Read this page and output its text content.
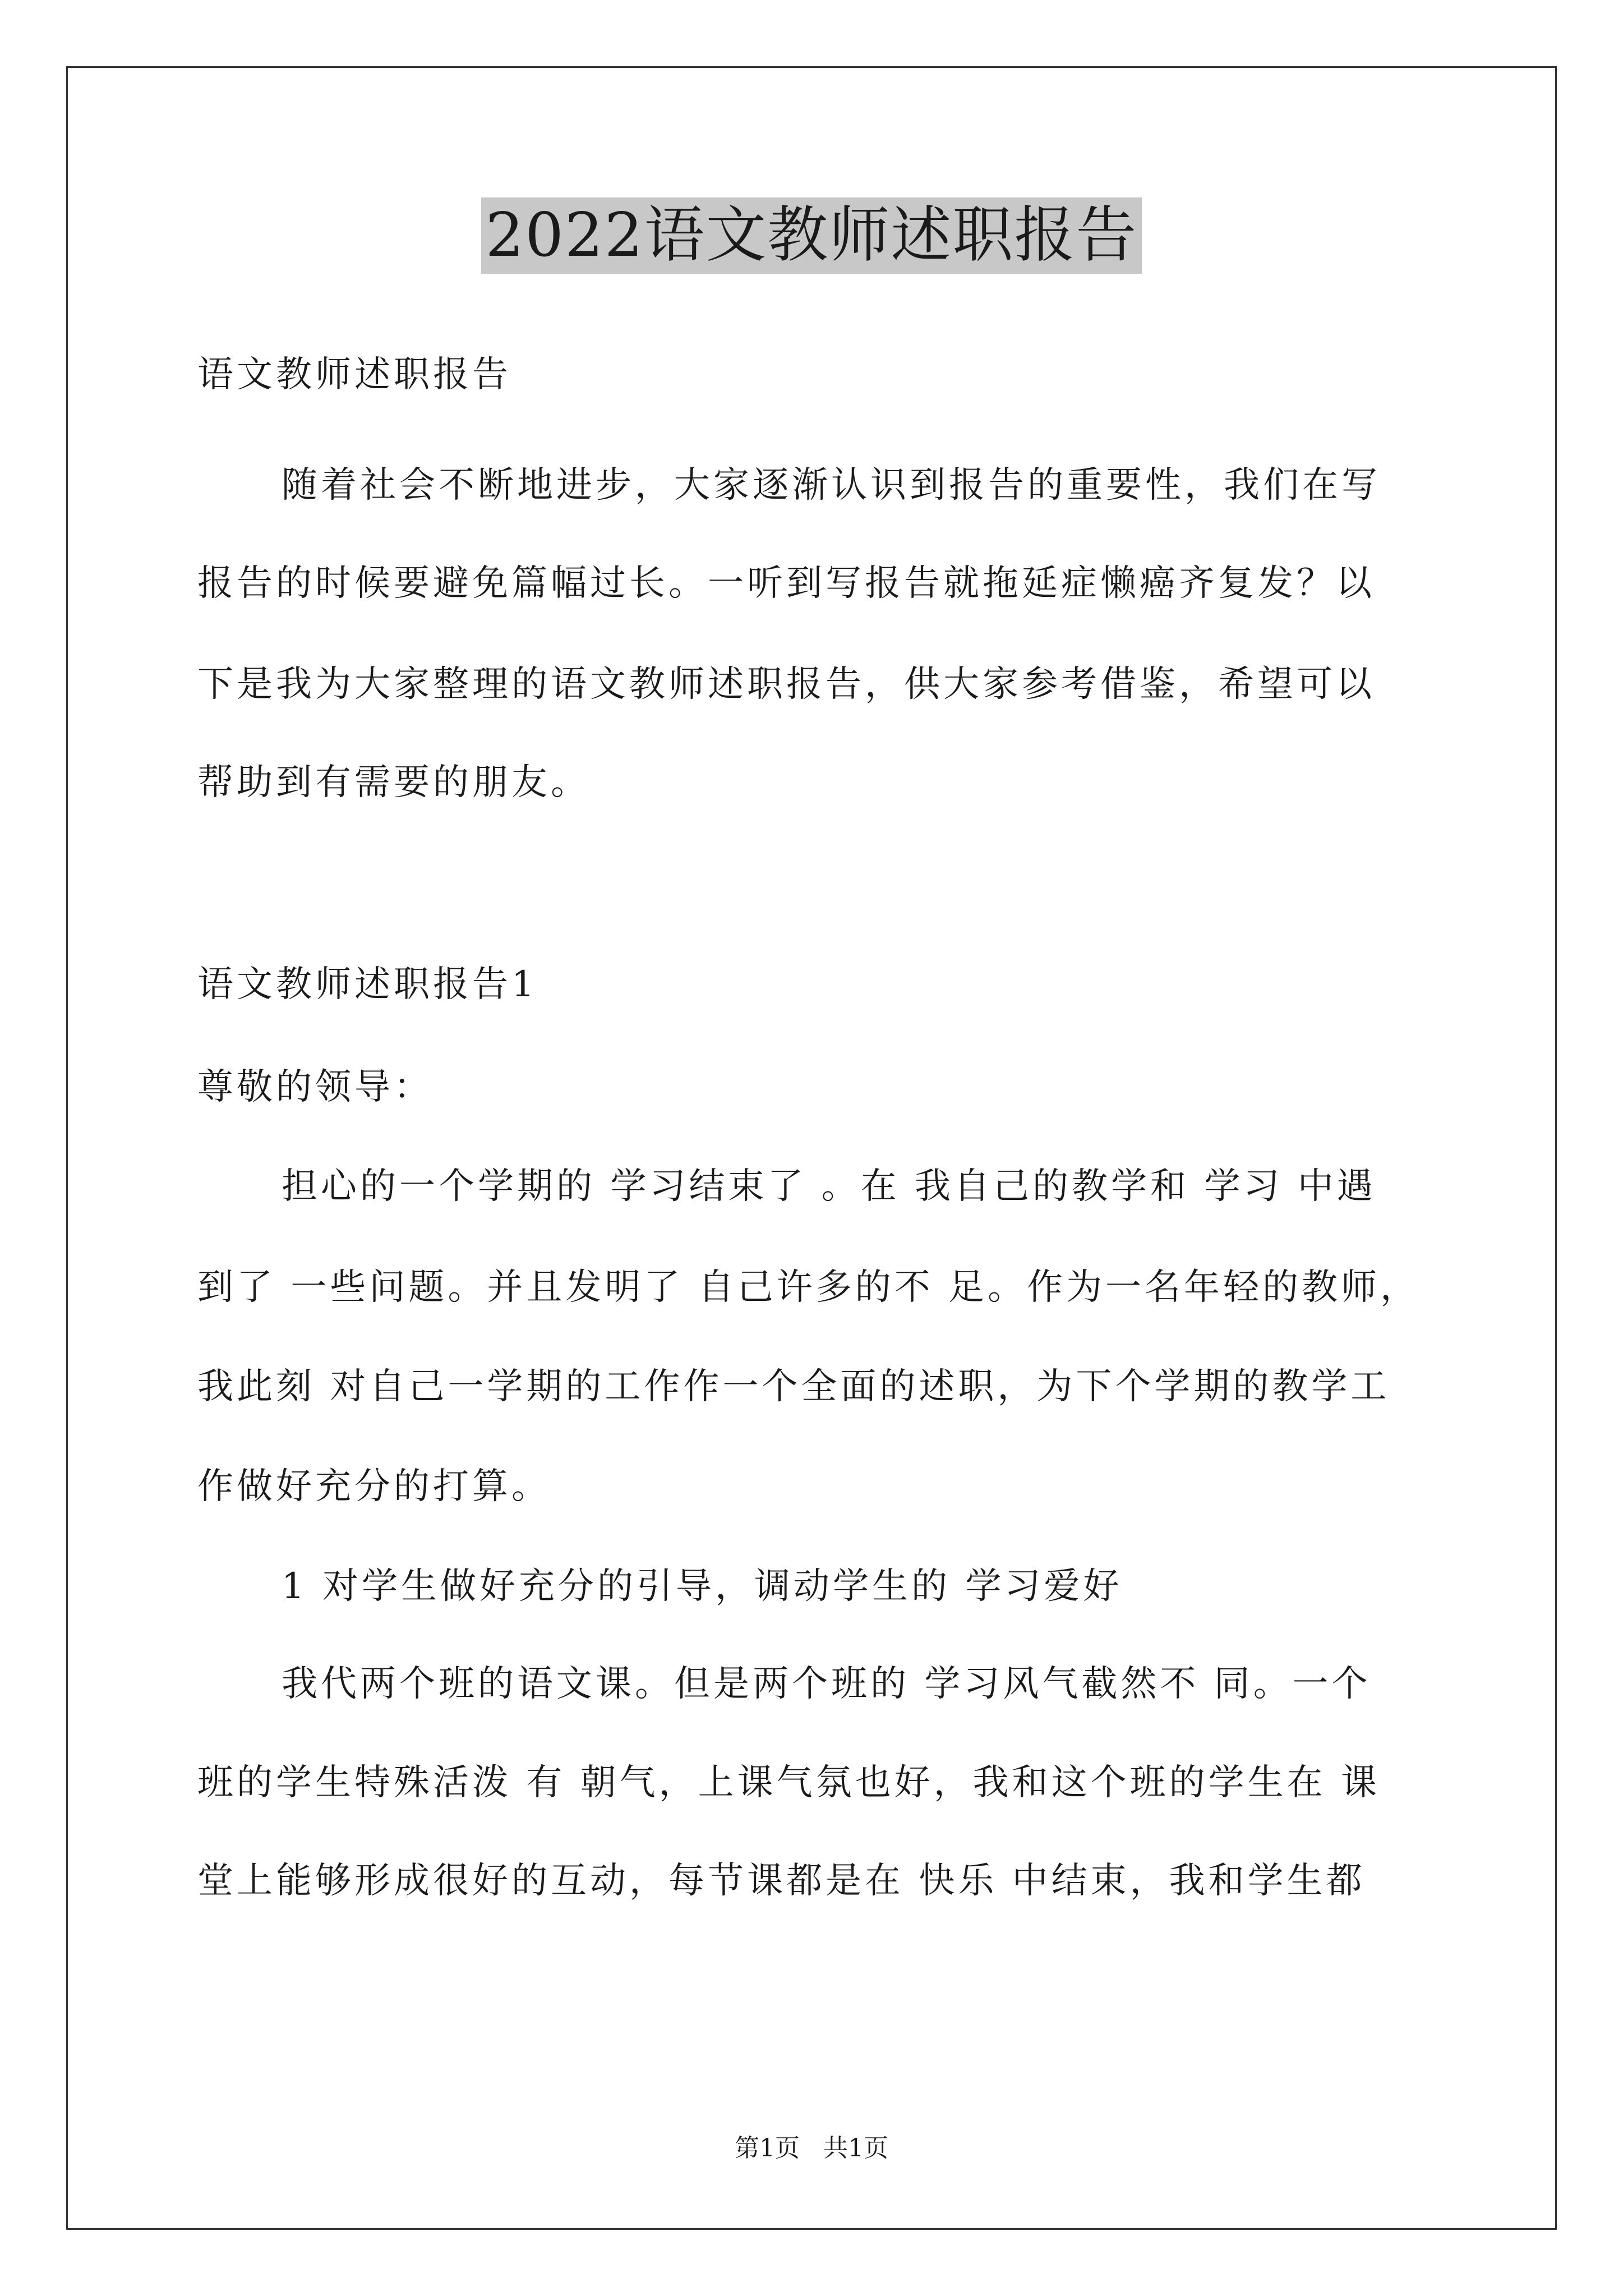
2022语文教师述职报告
语文教师述职报告
随着社会不断地进步，大家逐渐认识到报告的重要性，我们在写
报告的时候要避免篇幅过长。一听到写报告就拖延症懒癌齐复发？以
下是我为大家整理的语文教师述职报告，供大家参考借鉴，希望可以
帮助到有需要的朋友。
语文教师述职报告1
尊敬的领导：
担心的一个学期的 学习结束了 。在 我自己的教学和 学习 中遇
到了 一些问题。并且发明了 自己许多的不 足。作为一名年轻的教师，
我此刻 对自己一学期的工作作一个全面的述职，为下个学期的教学工
作做好充分的打算。
1 对学生做好充分的引导，调动学生的 学习爱好
我代两个班的语文课。但是两个班的 学习风气截然不 同。一个
班的学生特殊活泼 有 朝气，上课气氛也好，我和这个班的学生在 课
堂上能够形成很好的互动，每节课都是在 快乐 中结束，我和学生都
第1页   共1页
